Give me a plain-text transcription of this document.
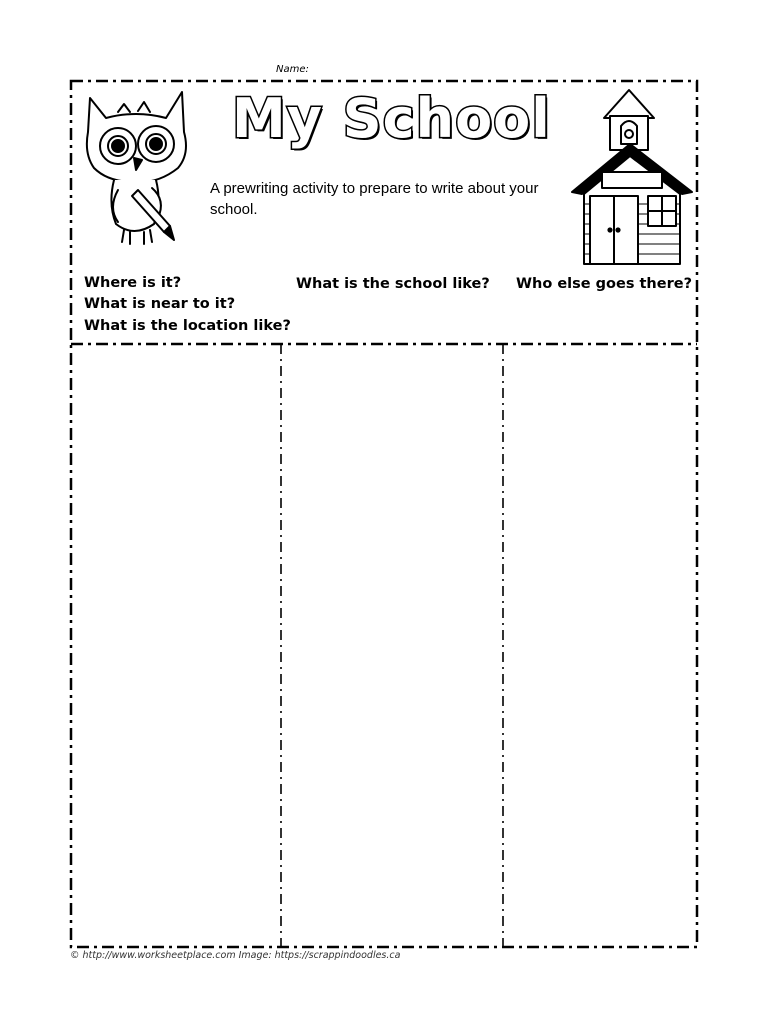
Name:
My School
A prewriting activity to prepare to write about your school.
Where is it?
What is near to it?
What is the location like?
What is the school like? Who else goes there?
© http://www.worksheetplace.com Image: https://scrappindoodles.ca
